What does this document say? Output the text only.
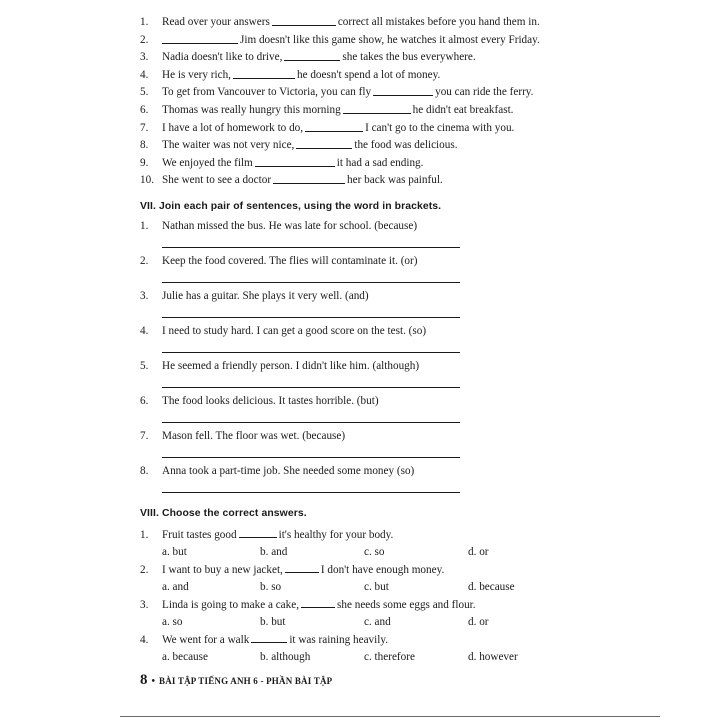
1.	Read over your answers	correct all mistakes before you hand them in.
2.	Jim doesn't like this game show, he watches it almost every Friday.
3.	Nadia doesn't like to drive,	she takes the bus everywhere.
4.	He is very rich,	he doesn't spend a lot of money.
5.	To get from Vancouver to Victoria, you can fly	you can ride the ferry.
6.	Thomas was really hungry this morning	he didn't eat breakfast.
7.	I have a lot of homework to do,	I can't go to the cinema with you.
8.	The waiter was not very nice,	the food was delicious.
9.	We enjoyed the film	it had a sad ending.
10. She went to see a doctor	her back was painful.
VII. Join each pair of sentences, using the word in brackets.
1. Nathan missed the bus. He was late for school. (because)
2. Keep the food covered. The flies will contaminate it. (or)
3. Julie has a guitar. She plays it very well. (and)
4. I need to study hard. I can get a good score on the test. (so)
5. He seemed a friendly person. I didn't like him. (although)
6. The food looks delicious. It tastes horrible. (but)
7. Mason fell. The floor was wet. (because)
8. Anna took a part-time job. She needed some money (so)
VIII. Choose the correct answers.
1. Fruit tastes good	it's healthy for your body.
a. but	b. and	c. so	d. or
2. I want to buy a new jacket,	I don't have enough money.
a. and	b. so	c. but	d. because
3. Linda is going to make a cake,	she needs some eggs and flour.
a. so	b. but	c. and	d. or
4. We went for a walk	it was raining heavily.
a. because	b. although	c. therefore	d. however
8 • BÀI TẬP TIẾNG ANH 6 - PHẦN BÀI TẬP
